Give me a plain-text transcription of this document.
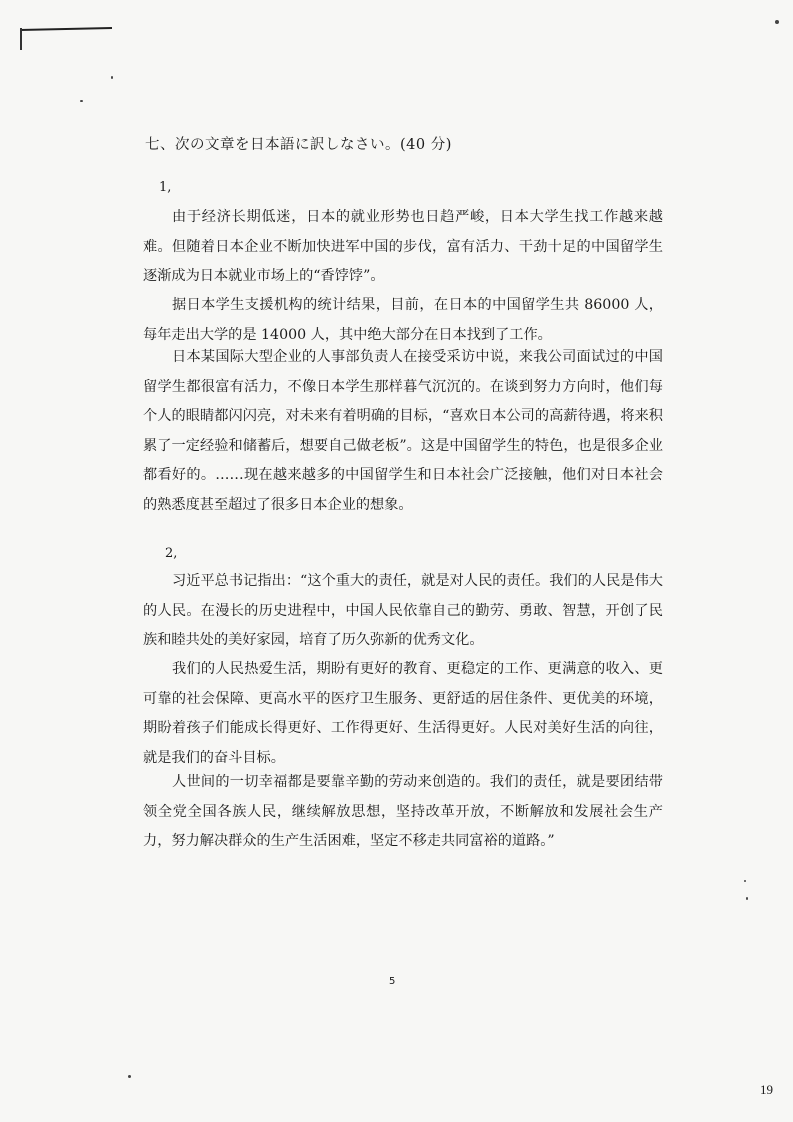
七、次の文章を日本語に訳しなさい。(40 分)
1,

由于经济长期低迷，日本的就业形势也日趋严峻，日本大学生找工作越来越难。但随着日本企业不断加快进军中国的步伐，富有活力、干劲十足的中国留学生逐渐成为日本就业市场上的“香饽饽”。

据日本学生支援机构的统计结果，目前，在日本的中国留学生共 86000 人，每年走出大学的是 14000 人，其中绝大部分在日本找到了工作。

日本某国际大型企业的人事部负责人在接受采访中说，来我公司面试过的中国留学生都很富有活力，不像日本学生那样暮气沉沉的。在谈到努力方向时，他们每个人的眼睛都闪闪亮，对未来有着明确的目标，“喜欢日本公司的高薪待遇，将来积累了一定经验和储蓄后，想要自己做老板”。这是中国留学生的特色，也是很多企业都看好的。……现在越来越多的中国留学生和日本社会广泛接触，他们对日本社会的熟悉度甚至超过了很多日本企业的想象。

2,

习近平总书记指出：“这个重大的责任，就是对人民的责任。我们的人民是伟大的人民。在漫长的历史进程中，中国人民依靠自己的勤劳、勇敢、智慧，开创了民族和睦共处的美好家园，培育了历久弥新的优秀文化。

我们的人民热爱生活，期盼有更好的教育、更稳定的工作、更满意的收入、更可靠的社会保障、更高水平的医疗卫生服务、更舒适的居住条件、更优美的环境，期盼着孩子们能成长得更好、工作得更好、生活得更好。人民对美好生活的向往，就是我们的奋斗目标。

人世间的一切幸福都是要靠辛勤的劳动来创造的。我们的责任，就是要团结带领全党全国各族人民，继续解放思想，坚持改革开放，不断解放和发展社会生产力，努力解决群众的生产生活困难，坚定不移走共同富裕的道路。”

5
19
